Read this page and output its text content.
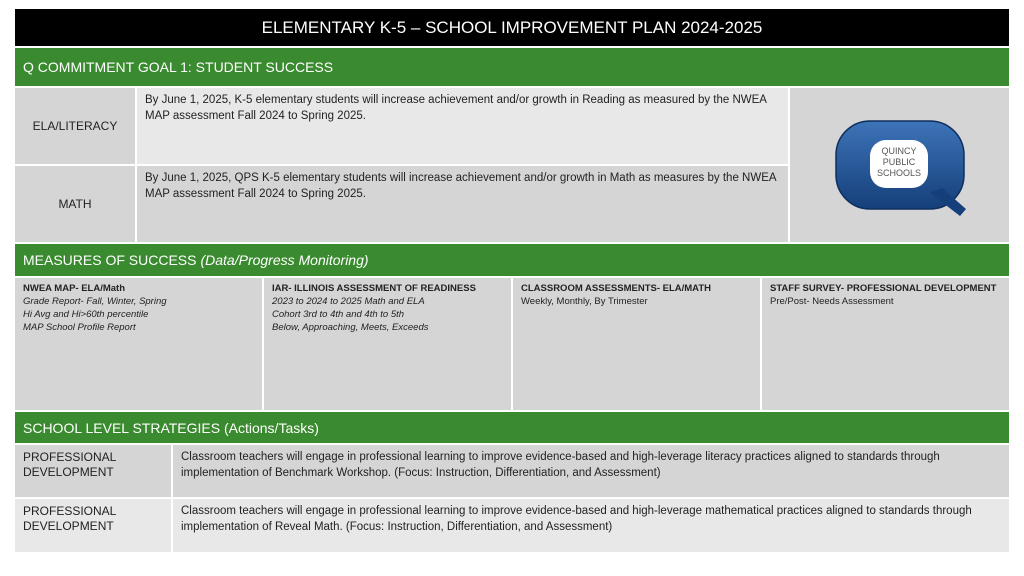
ELEMENTARY K-5 – SCHOOL IMPROVEMENT PLAN 2024-2025
Q COMMITMENT GOAL 1: STUDENT SUCCESS
ELA/LITERACY
By June 1, 2025, K-5 elementary students will increase achievement and/or growth in Reading as measured by the NWEA MAP assessment Fall 2024 to Spring 2025.
MATH
By June 1, 2025, QPS K-5 elementary students will increase achievement and/or growth in Math as measures by the NWEA MAP assessment Fall 2024 to Spring 2025.
QUINCY
PUBLIC
SCHOOLS
MEASURES OF SUCCESS (Data/Progress Monitoring)
NWEA MAP- ELA/Math
Grade Report- Fall, Winter, Spring
Hi Avg and Hi>60th percentile
MAP School Profile Report
IAR- ILLINOIS ASSESSMENT OF READINESS
2023 to 2024 to 2025 Math and ELA
Cohort 3rd to 4th and 4th to 5th
Below, Approaching, Meets, Exceeds
CLASSROOM ASSESSMENTS- ELA/MATH
Weekly, Monthly, By Trimester
STAFF SURVEY- PROFESSIONAL DEVELOPMENT
Pre/Post- Needs Assessment
SCHOOL LEVEL STRATEGIES (Actions/Tasks)
PROFESSIONAL
DEVELOPMENT
Classroom teachers will engage in professional learning to improve evidence-based and high-leverage literacy practices aligned to standards through implementation of Benchmark Workshop. (Focus: Instruction, Differentiation, and Assessment)
PROFESSIONAL
DEVELOPMENT
Classroom teachers will engage in professional learning to improve evidence-based and high-leverage mathematical practices aligned to standards through implementation of Reveal Math. (Focus: Instruction, Differentiation, and Assessment)
